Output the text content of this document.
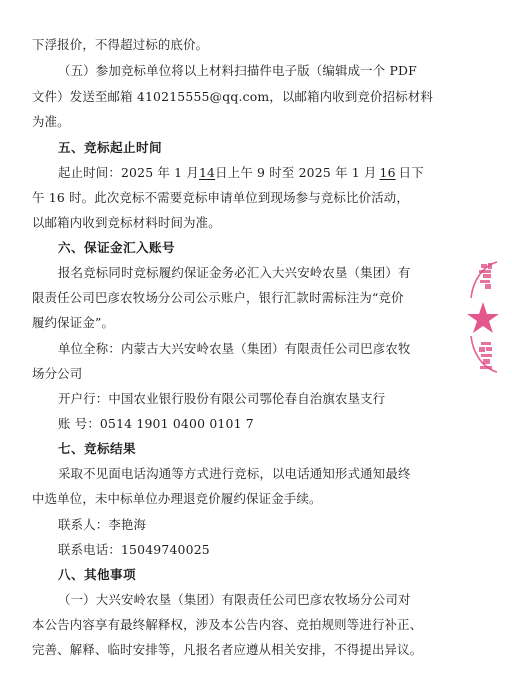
下浮报价，不得超过标的底价。
（五）参加竞标单位将以上材料扫描件电子版（编辑成一个 PDF
文件）发送至邮箱 410215555@qq.com，以邮箱内收到竞价招标材料
为准。
五、竞标起止时间
起止时间：2025 年 1 月14日上午 9 时至 2025 年 1 月 16 日下
午 16 时。此次竞标不需要竞标申请单位到现场参与竞标比价活动，
以邮箱内收到竞标材料时间为准。
六、保证金汇入账号
报名竞标同时竞标履约保证金务必汇入大兴安岭农垦（集团）有
限责任公司巴彦农牧场分公司公示账户，银行汇款时需标注为“竞价
履约保证金”。
单位全称：内蒙古大兴安岭农垦（集团）有限责任公司巴彦农牧
场分公司
开户行：中国农业银行股份有限公司鄂伦春自治旗农垦支行
账 号：0514 1901 0400 0101 7
七、竞标结果
采取不见面电话沟通等方式进行竞标，以电话通知形式通知最终
中选单位，未中标单位办理退竞价履约保证金手续。
联系人：李艳海
联系电话：15049740025
八、其他事项
（一）大兴安岭农垦（集团）有限责任公司巴彦农牧场分公司对
本公告内容享有最终解释权，涉及本公告内容、竞拍规则等进行补正、
完善、解释、临时安排等，凡报名者应遵从相关安排，不得提出异议。
